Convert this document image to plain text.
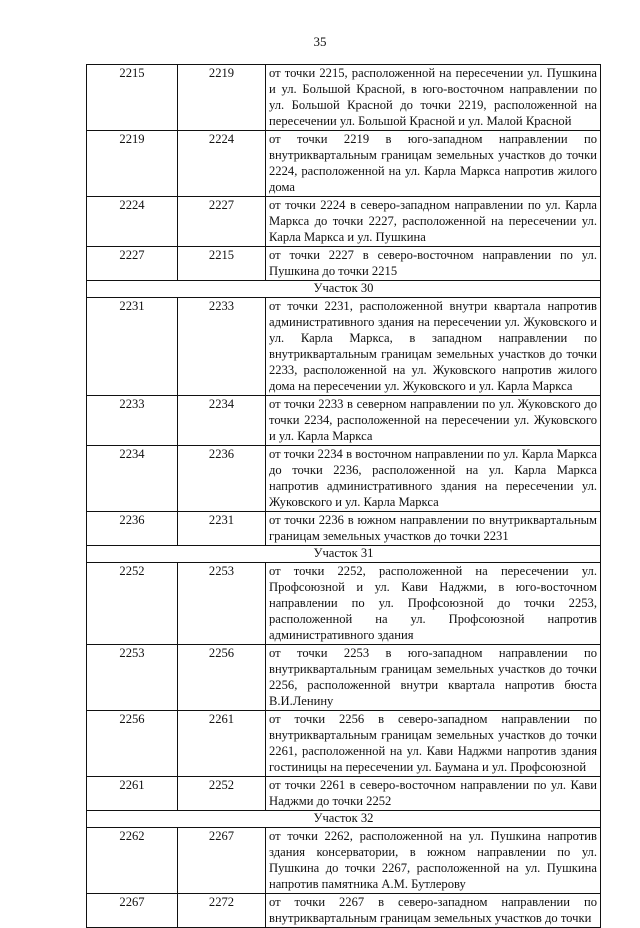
35
2215	2219	от точки 2215, расположенной на пересечении ул. Пушкина и ул. Большой Красной, в юго-восточном направлении по ул. Большой Красной до точки 2219, расположенной на пересечении ул. Большой Красной и ул. Малой Красной
2219	2224	от точки 2219 в юго-западном направлении по внутриквартальным границам земельных участков до точки 2224, расположенной на ул. Карла Маркса напротив жилого дома
2224	2227	от точки 2224 в северо-западном направлении по ул. Карла Маркса до точки 2227, расположенной на пересечении ул. Карла Маркса и ул. Пушкина
2227	2215	от точки 2227 в северо-восточном направлении по ул. Пушкина до точки 2215
Участок 30		
2231	2233	от точки 2231, расположенной внутри квартала напротив административного здания на пересечении ул. Жуковского и ул. Карла Маркса, в западном направлении по внутриквартальным границам земельных участков до точки 2233, расположенной на ул. Жуковского напротив жилого дома на пересечении ул. Жуковского и ул. Карла Маркса
2233	2234	от точки 2233 в северном направлении по ул. Жуковского до точки 2234, расположенной на пересечении ул. Жуковского и ул. Карла Маркса
2234	2236	от точки 2234 в восточном направлении по ул. Карла Маркса до точки 2236, расположенной на ул. Карла Маркса напротив административного здания на пересечении ул. Жуковского и ул. Карла Маркса
2236	2231	от точки 2236 в южном направлении по внутриквартальным границам земельных участков до точки 2231
Участок 31		
2252	2253	от точки 2252, расположенной на пересечении ул. Профсоюзной и ул. Кави Наджми, в юго-восточном направлении по ул. Профсоюзной до точки 2253, расположенной на ул. Профсоюзной напротив административного здания
2253	2256	от точки 2253 в юго-западном направлении по внутриквартальным границам земельных участков до точки 2256, расположенной внутри квартала напротив бюста В.И.Ленину
2256	2261	от точки 2256 в северо-западном направлении по внутриквартальным границам земельных участков до точки 2261, расположенной на ул. Кави Наджми напротив здания гостиницы на пересечении ул. Баумана и ул. Профсоюзной
2261	2252	от точки 2261 в северо-восточном направлении по ул. Кави Наджми до точки 2252
Участок 32		
2262	2267	от точки 2262, расположенной на ул. Пушкина напротив здания консерватории, в южном направлении по ул. Пушкина до точки 2267, расположенной на ул. Пушкина напротив памятника А.М. Бутлерову
2267	2272	от точки 2267 в северо-западном направлении по внутриквартальным границам земельных участков до точки
